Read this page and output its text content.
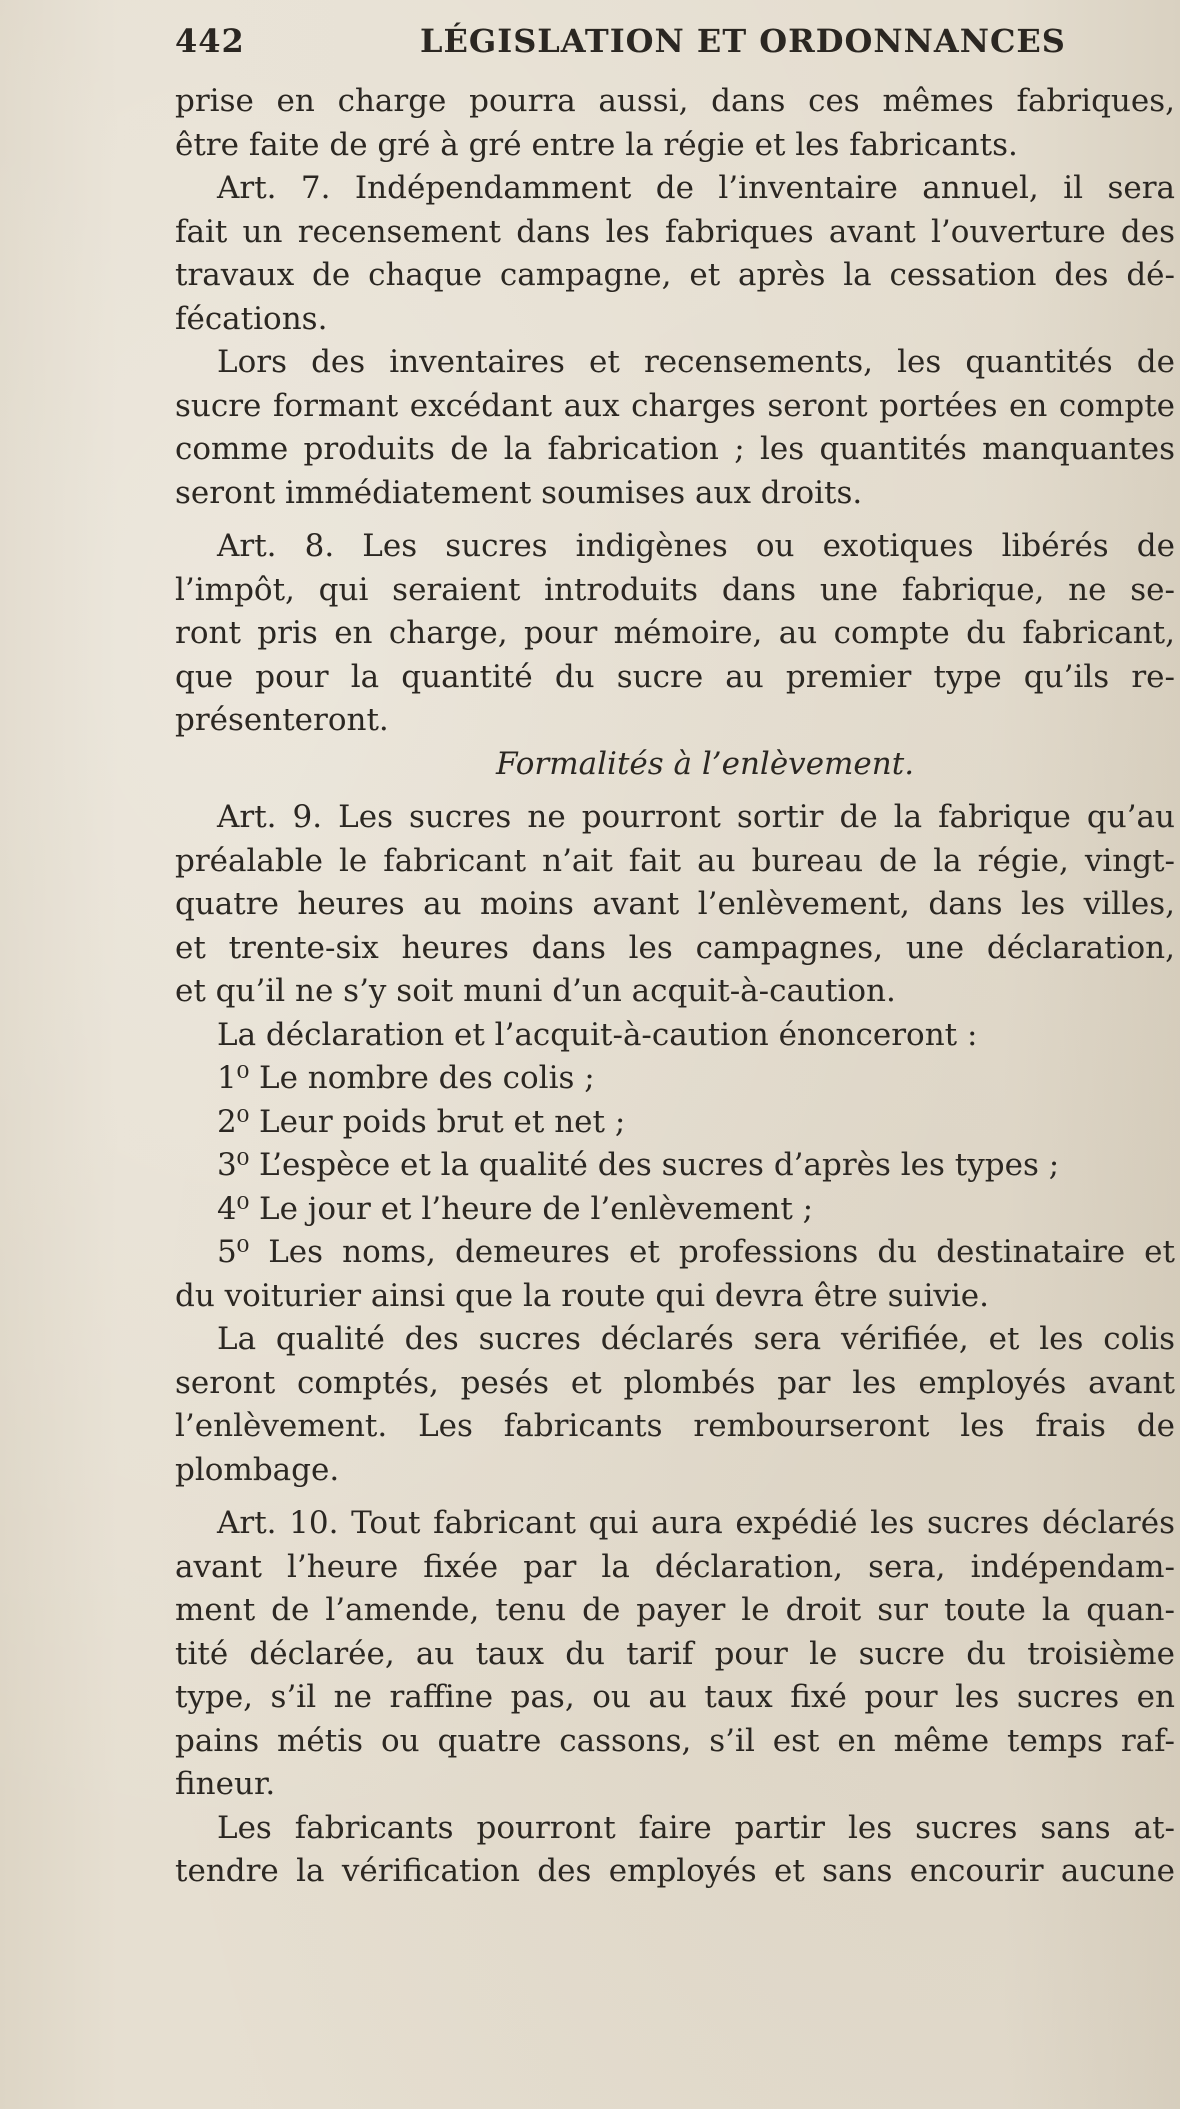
442	LÉGISLATION ET ORDONNANCES
prise en charge pourra aussi, dans ces mêmes fabriques,
être faite de gré à gré entre la régie et les fabricants.
Art. 7. Indépendamment de l’inventaire annuel, il sera
fait un recensement dans les fabriques avant l’ouverture des
travaux de chaque campagne, et après la cessation des dé-
fécations.
Lors des inventaires et recensements, les quantités de
sucre formant excédant aux charges seront portées en compte
comme produits de la fabrication ; les quantités manquantes
seront immédiatement soumises aux droits.
Art. 8. Les sucres indigènes ou exotiques libérés de
l’impôt, qui seraient introduits dans une fabrique, ne se-
ront pris en charge, pour mémoire, au compte du fabricant,
que pour la quantité du sucre au premier type qu’ils re-
présenteront.
Formalités à l’enlèvement.
Art. 9. Les sucres ne pourront sortir de la fabrique qu’au
préalable le fabricant n’ait fait au bureau de la régie, vingt-
quatre heures au moins avant l’enlèvement, dans les villes,
et trente-six heures dans les campagnes, une déclaration,
et qu’il ne s’y soit muni d’un acquit-à-caution.
La déclaration et l’acquit-à-caution énonceront :
1⁰ Le nombre des colis ;
2⁰ Leur poids brut et net ;
3⁰ L’espèce et la qualité des sucres d’après les types ;
4⁰ Le jour et l’heure de l’enlèvement ;
5⁰ Les noms, demeures et professions du destinataire et
du voiturier ainsi que la route qui devra être suivie.
La qualité des sucres déclarés sera vérifiée, et les colis
seront comptés, pesés et plombés par les employés avant
l’enlèvement. Les fabricants rembourseront les frais de
plombage.
Art. 10. Tout fabricant qui aura expédié les sucres déclarés
avant l’heure fixée par la déclaration, sera, indépendam-
ment de l’amende, tenu de payer le droit sur toute la quan-
tité déclarée, au taux du tarif pour le sucre du troisième
type, s’il ne raffine pas, ou au taux fixé pour les sucres en
pains métis ou quatre cassons, s’il est en même temps raf-
fineur.
Les fabricants pourront faire partir les sucres sans at-
tendre la vérification des employés et sans encourir aucune
